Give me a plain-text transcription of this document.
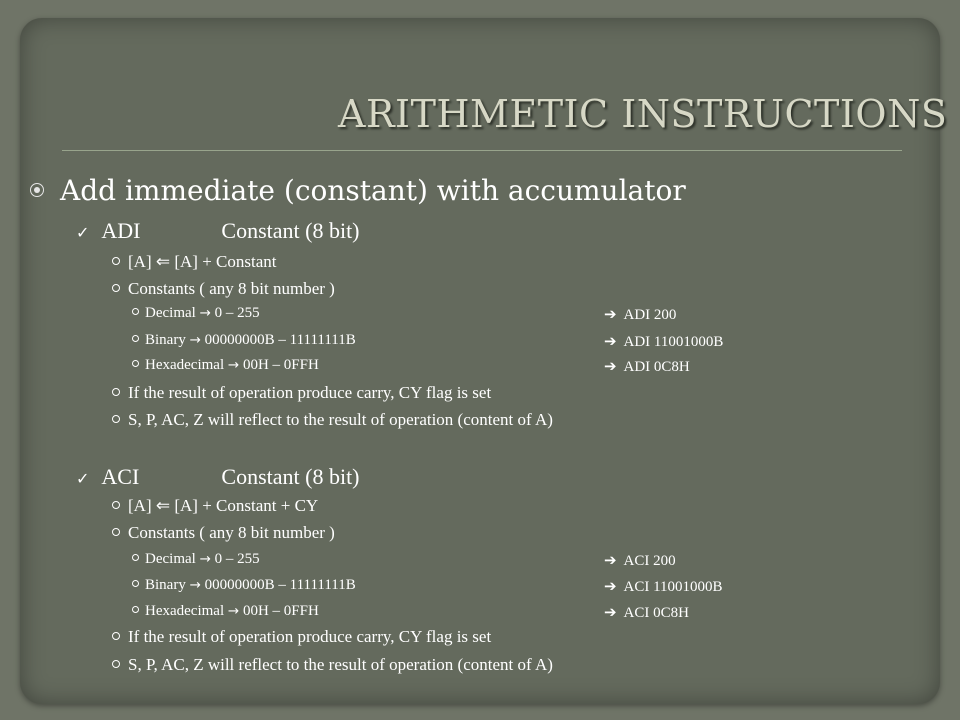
ARITHMETIC INSTRUCTIONS
Add immediate (constant) with accumulator
✓ ADI	Constant (8 bit)
[A] ⇐ [A] + Constant
Constants ( any 8 bit number )
Decimal → 0 – 255	➔ ADI 200
Binary → 00000000B – 11111111B	➔ ADI 11001000B
Hexadecimal → 00H – 0FFH	➔ ADI 0C8H
If the result of operation produce carry, CY flag is set
S, P, AC, Z will reflect to the result of operation (content of A)
✓ ACI	Constant (8 bit)
[A] ⇐ [A] + Constant + CY
Constants ( any 8 bit number )
Decimal → 0 – 255	➔ ACI 200
Binary → 00000000B – 11111111B	➔ ACI 11001000B
Hexadecimal → 00H – 0FFH	➔ ACI 0C8H
If the result of operation produce carry, CY flag is set
S, P, AC, Z will reflect to the result of operation (content of A)
